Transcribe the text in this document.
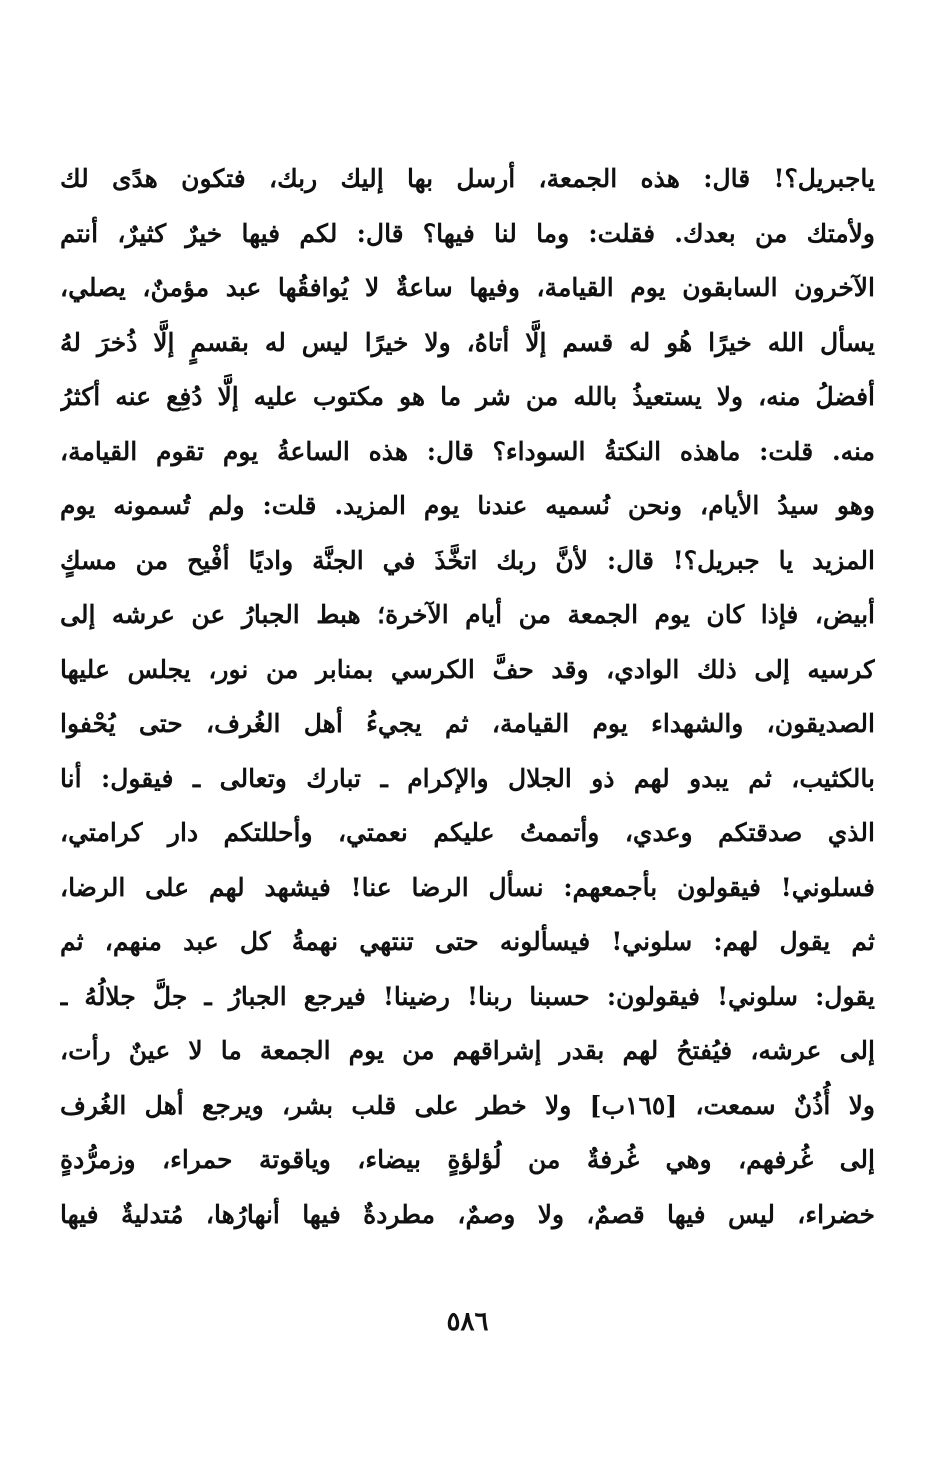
ياجبريل؟! قال: هذه الجمعة، أرسل بها إليك ربك، فتكون هدًى لك
ولأمتك من بعدك. فقلت: وما لنا فيها؟ قال: لكم فيها خيرٌ كثيرٌ، أنتم
الآخرون السابقون يوم القيامة، وفيها ساعةٌ لا يُوافقُها عبد مؤمنٌ، يصلي،
يسأل الله خيرًا هُو له قسم إلَّا أتاهُ، ولا خيرًا ليس له بقسمٍ إلَّا ذُخرَ لهُ
أفضلُ منه، ولا يستعيذُ بالله من شر ما هو مكتوب عليه إلَّا دُفِع عنه أكثرُ
منه. قلت: ماهذه النكتةُ السوداء؟ قال: هذه الساعةُ يوم تقوم القيامة،
وهو سيدُ الأيام، ونحن نُسميه عندنا يوم المزيد. قلت: ولم تُسمونه يوم
المزيد يا جبريل؟! قال: لأنَّ ربك اتخَّذَ في الجنَّة واديًا أفْيح من مسكٍ
أبيض، فإذا كان يوم الجمعة من أيام الآخرة؛ هبط الجبارُ عن عرشه إلى
كرسيه إلى ذلك الوادي، وقد حفَّ الكرسي بمنابر من نور، يجلس عليها
الصديقون، والشهداء يوم القيامة، ثم يجيءُ أهل الغُرف، حتى يُحْفوا
بالكثيب، ثم يبدو لهم ذو الجلال والإكرام ـ تبارك وتعالى ـ فيقول: أنا
الذي صدقتكم وعدي، وأتممتُ عليكم نعمتي، وأحللتكم دار كرامتي،
فسلوني! فيقولون بأجمعهم: نسأل الرضا عنا! فيشهد لهم على الرضا،
ثم يقول لهم: سلوني! فيسألونه حتى تنتهي نهمةُ كل عبد منهم، ثم
يقول: سلوني! فيقولون: حسبنا ربنا! رضينا! فيرجع الجبارُ ـ جلَّ جلالُهُ ـ
إلى عرشه، فيُفتحُ لهم بقدر إشراقهم من يوم الجمعة ما لا عينٌ رأت،
ولا أُذُنٌ سمعت، [١٦٥ب] ولا خطر على قلب بشر، ويرجع أهل الغُرف
إلى غُرفهم، وهي غُرفةٌ من لُؤلؤةٍ بيضاء، وياقوتة حمراء، وزمرُّدةٍ
خضراء، ليس فيها قصمٌ، ولا وصمٌ، مطردةٌ فيها أنهارُها، مُتدليةٌ فيها
٥٨٦
